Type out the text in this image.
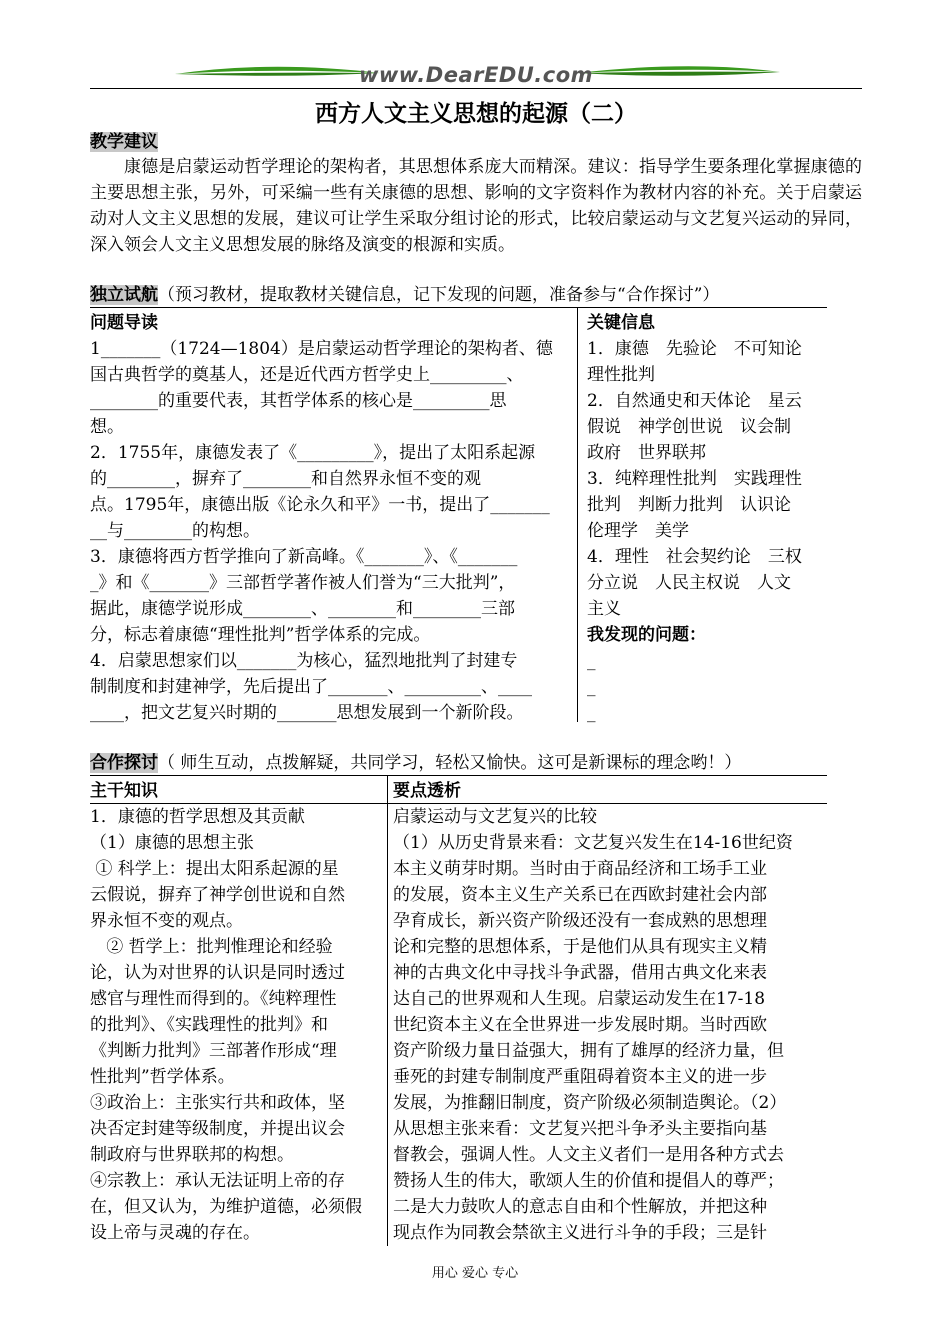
www.DearEDU.com
西方人文主义思想的起源（二）
教学建议
康德是启蒙运动哲学理论的架构者，其思想体系庞大而精深。建议：指导学生要条理化掌握康德的主要思想主张，另外，可采编一些有关康德的思想、影响的文字资料作为教材内容的补充。关于启蒙运动对人文主义思想的发展，建议可让学生采取分组讨论的形式，比较启蒙运动与文艺复兴运动的异同，深入领会人文主义思想发展的脉络及演变的根源和实质。
独立试航（预习教材，提取教材关键信息，记下发现的问题，准备参与“合作探讨”）
问题导读
1_______（1724—1804）是启蒙运动哲学理论的架构者、德
国古典哲学的奠基人，还是近代西方哲学史上_________、
________的重要代表，其哲学体系的核心是_________思
想。
2．1755年，康德发表了《_________》，提出了太阳系起源
的________，摒弃了________和自然界永恒不变的观
点。1795年，康德出版《论永久和平》一书，提出了_______
__与________的构想。
3．康德将西方哲学推向了新高峰。《_______》、《_______
_》和《_______》三部哲学著作被人们誉为“三大批判”，
据此，康德学说形成________、________和________三部
分，标志着康德“理性批判”哲学体系的完成。
4．启蒙思想家们以_______为核心，猛烈地批判了封建专
制制度和封建神学，先后提出了_______、_________、____
____，把文艺复兴时期的_______思想发展到一个新阶段。
关键信息
1．康德　先验论　不可知论
理性批判
2．自然通史和天体论　星云
假说　神学创世说　议会制
政府　世界联邦
3．纯粹理性批判　实践理性
批判　判断力批判　认识论
伦理学　美学
4．理性　社会契约论　三权
分立说　人民主权说　人文
主义
我发现的问题：
_
_
_
合作探讨（ 师生互动，点拨解疑，共同学习，轻松又愉快。这可是新课标的理念哟！）
主干知识
1．康德的哲学思想及其贡献
（1）康德的思想主张
① 科学上：提出太阳系起源的星
云假说，摒弃了神学创世说和自然
界永恒不变的观点。
② 哲学上：批判惟理论和经验
论，认为对世界的认识是同时透过
感官与理性而得到的。《纯粹理性
的批判》、《实践理性的批判》和
《判断力批判》三部著作形成“理
性批判”哲学体系。
③政治上：主张实行共和政体，坚
决否定封建等级制度，并提出议会
制政府与世界联邦的构想。
④宗教上：承认无法证明上帝的存
在，但又认为，为维护道德，必须假
设上帝与灵魂的存在。
要点透析
启蒙运动与文艺复兴的比较
（1）从历史背景来看：文艺复兴发生在14-16世纪资
本主义萌芽时期。当时由于商品经济和工场手工业
的发展，资本主义生产关系已在西欧封建社会内部
孕育成长，新兴资产阶级还没有一套成熟的思想理
论和完整的思想体系，于是他们从具有现实主义精
神的古典文化中寻找斗争武器，借用古典文化来表
达自己的世界观和人生现。启蒙运动发生在17-18
世纪资本主义在全世界进一步发展时期。当时西欧
资产阶级力量日益强大，拥有了雄厚的经济力量，但
垂死的封建专制制度严重阻碍着资本主义的进一步
发展，为推翻旧制度，资产阶级必须制造舆论。（2）
从思想主张来看：文艺复兴把斗争矛头主要指向基
督教会，强调人性。人文主义者们一是用各种方式去
赞扬人生的伟大，歌颂人生的价值和提倡人的尊严；
二是大力鼓吹人的意志自由和个性解放，并把这种
现点作为同教会禁欲主义进行斗争的手段；三是针
用心 爱心 专心
